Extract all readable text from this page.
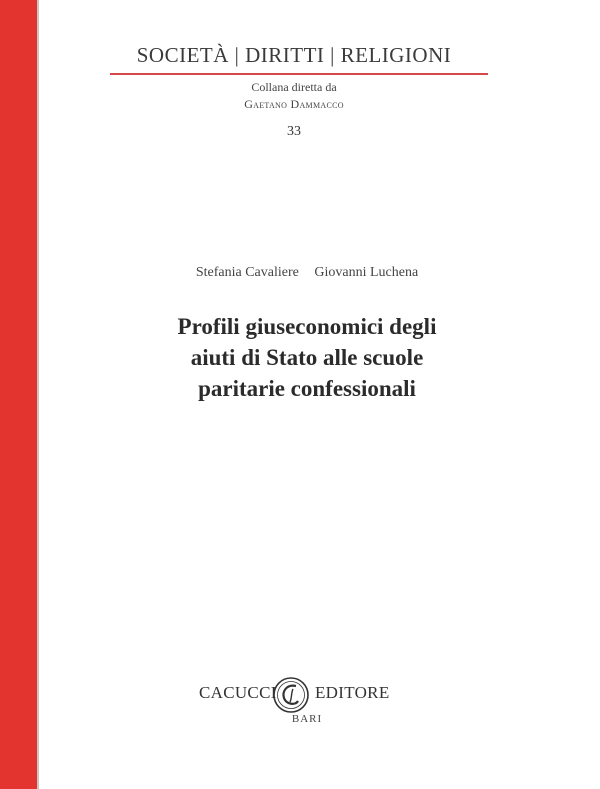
SOCIETÀ | DIRITTI | RELIGIONI
Collana diretta da
Gaetano Dammacco
33
Stefania Cavaliere Giovanni Luchena
Profili giuseconomici degli
aiuti di Stato alle scuole
paritarie confessionali
CACUCCI EDITORE
BARI
